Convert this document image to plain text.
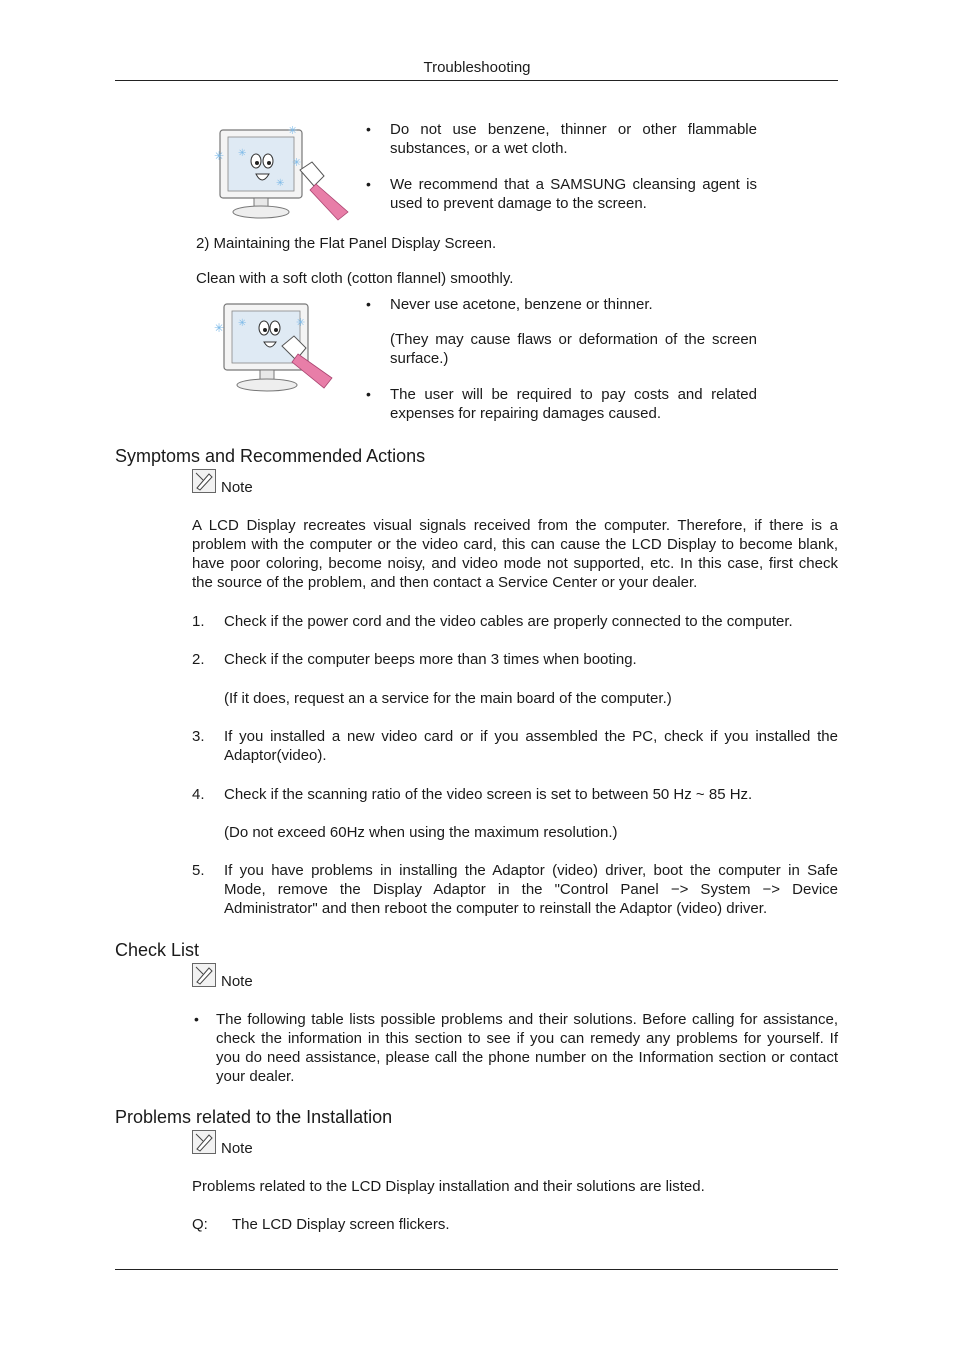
Troubleshooting
✳
✳
✳
✳
✳
• Do not use benzene, thinner or other flammable substances, or a wet cloth.
• We recommend that a SAMSUNG cleansing agent is used to prevent damage to the screen.
2) Maintaining the Flat Panel Display Screen.
Clean with a soft cloth (cotton flannel) smoothly.
✳ ✳	✳
• Never use acetone, benzene or thinner.
(They may cause flaws or deformation of the screen surface.)
• The user will be required to pay costs and related expenses for repairing damages caused.
Symptoms and Recommended Actions
Note
A LCD Display recreates visual signals received from the computer. Therefore, if there is a problem with the computer or the video card, this can cause the LCD Display to become blank, have poor coloring, become noisy, and video mode not supported, etc. In this case, first check the source of the problem, and then contact a Service Center or your dealer.
1. Check if the power cord and the video cables are properly connected to the computer.
2. Check if the computer beeps more than 3 times when booting.
(If it does, request an a service for the main board of the computer.)
3. If you installed a new video card or if you assembled the PC, check if you installed the Adaptor(video).
4. Check if the scanning ratio of the video screen is set to between 50 Hz ~ 85 Hz.
(Do not exceed 60Hz when using the maximum resolution.)
5. If you have problems in installing the Adaptor (video) driver, boot the computer in Safe Mode, remove the Display Adaptor in the "Control Panel −> System −> Device Administrator" and then reboot the computer to reinstall the Adaptor (video) driver.
Check List
Note
• The following table lists possible problems and their solutions. Before calling for assistance, check the information in this section to see if you can remedy any problems for yourself. If you do need assistance, please call the phone number on the Information section or contact your dealer.
Problems related to the Installation
Note
Problems related to the LCD Display installation and their solutions are listed.
Q: The LCD Display screen flickers.
